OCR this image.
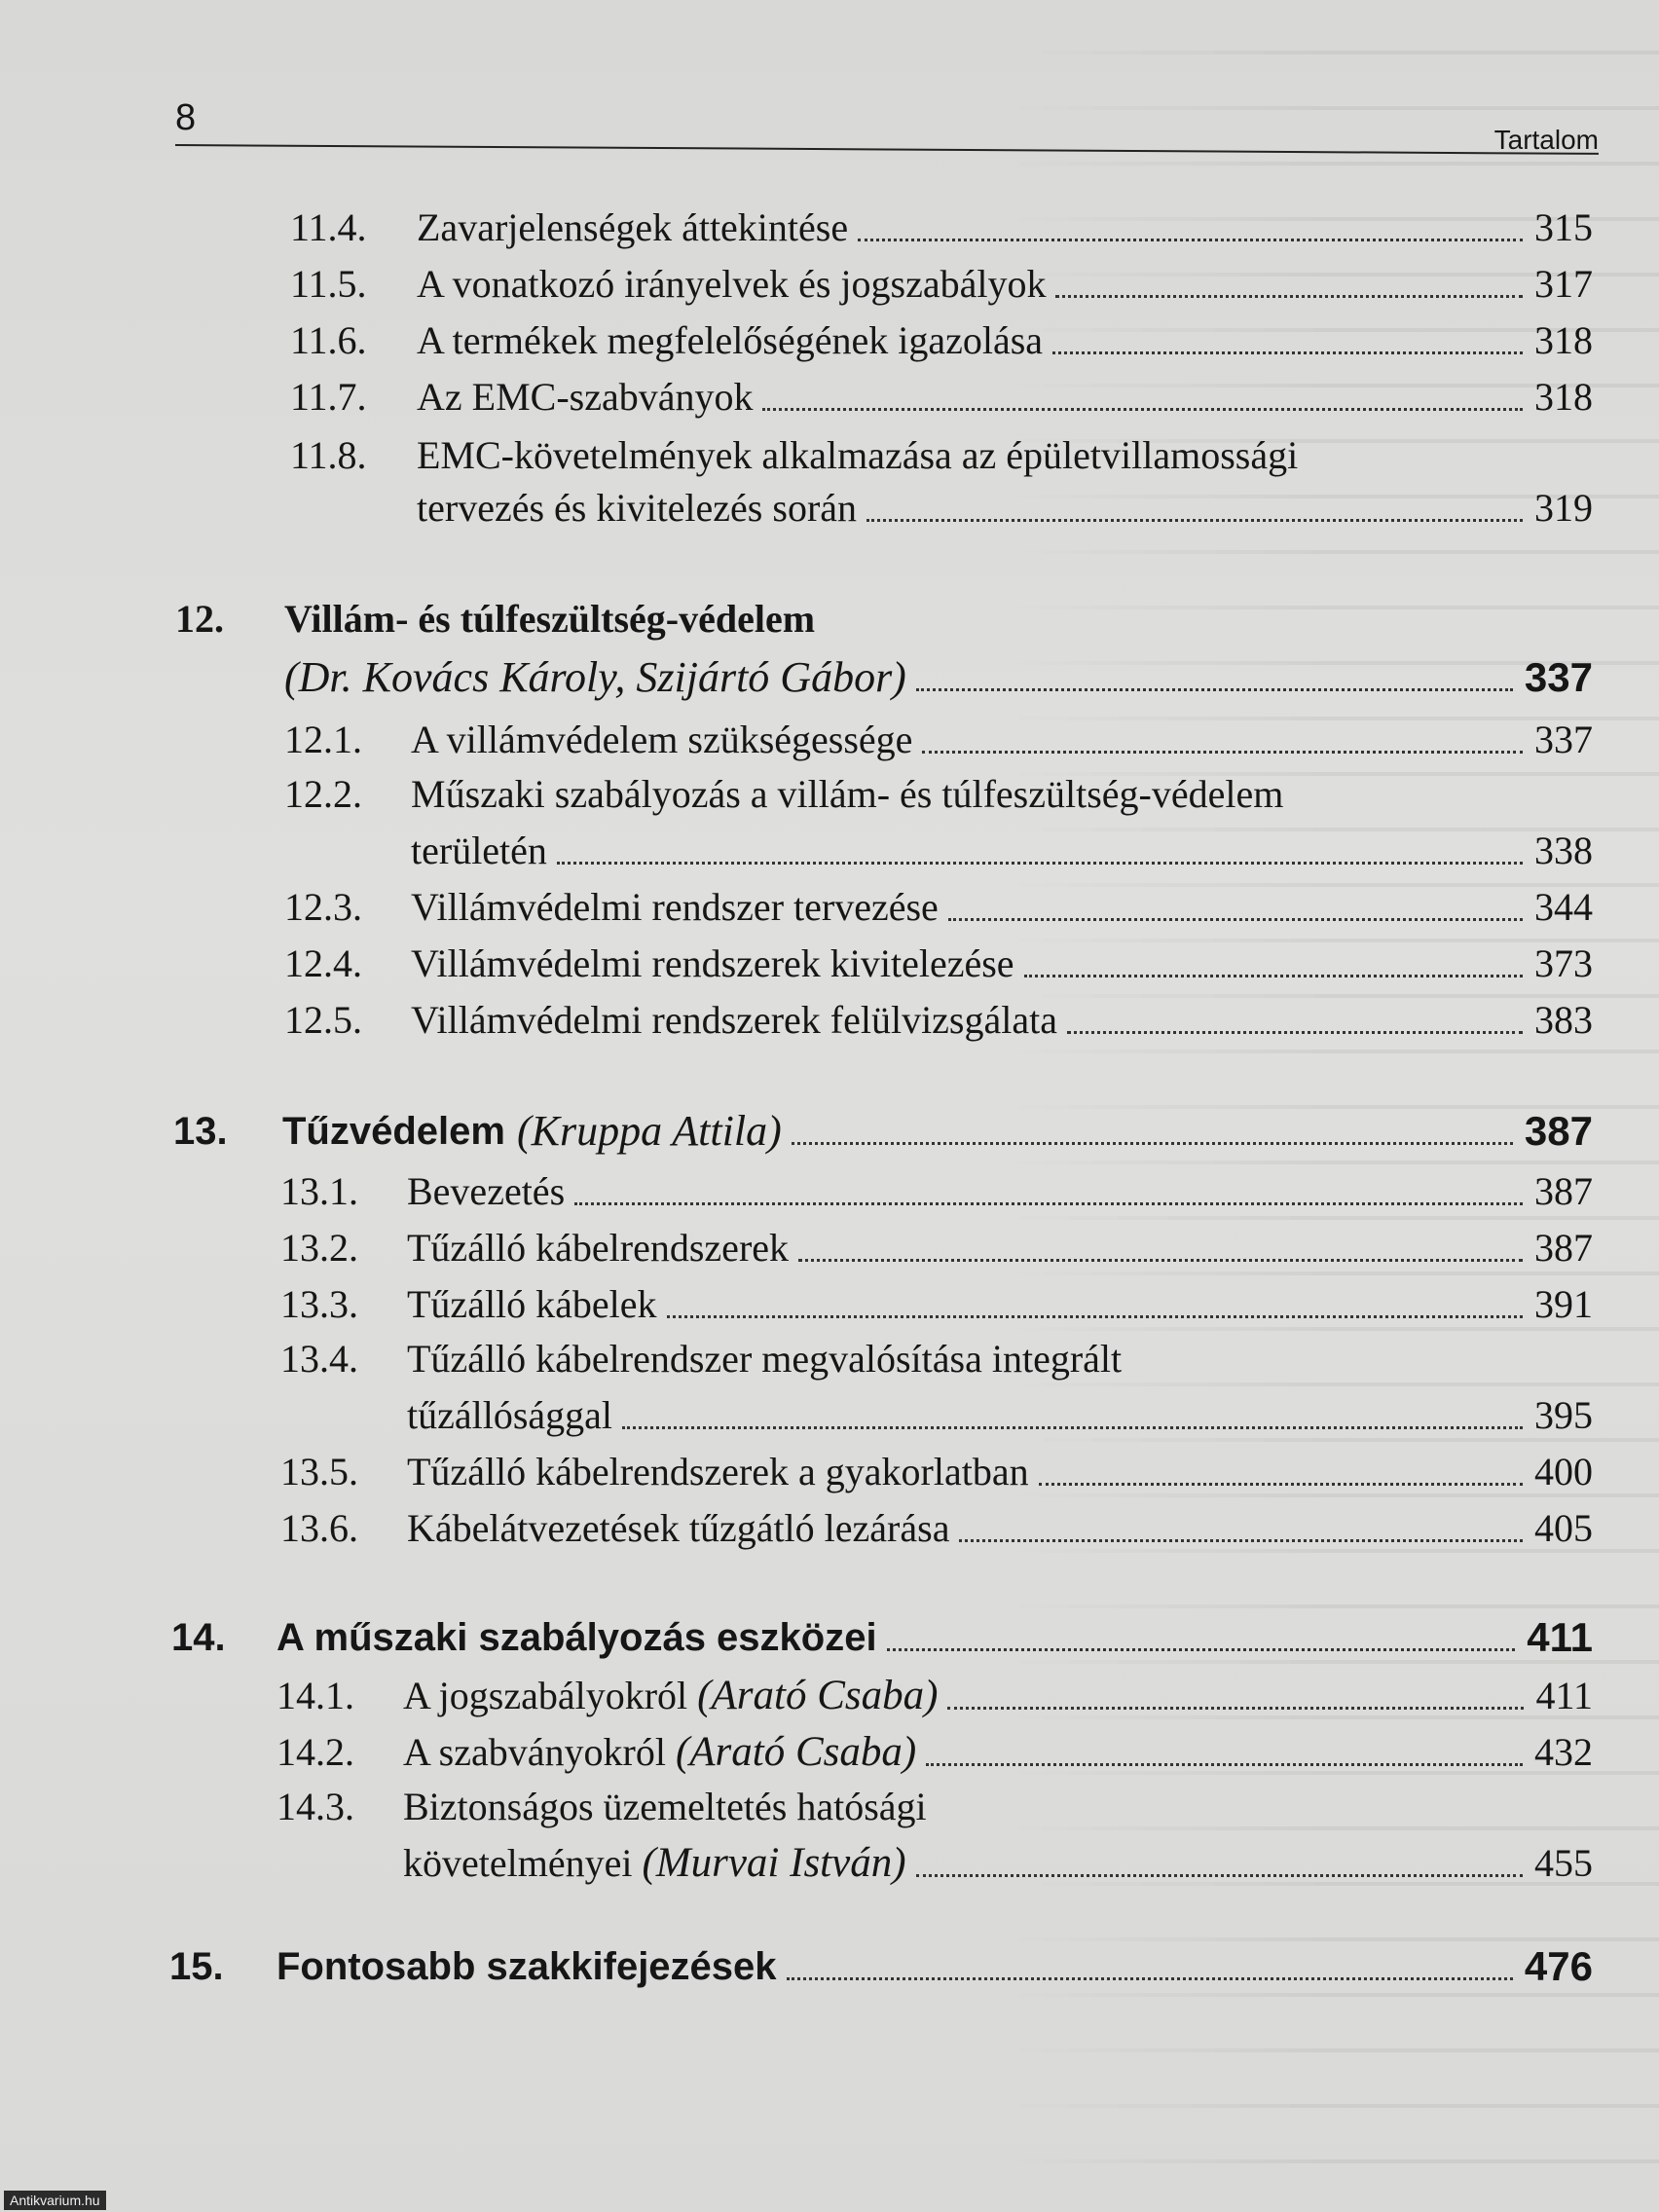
8
Tartalom
11.4.	Zavarjelenségek áttekintése	315
11.5.	A vonatkozó irányelvek és jogszabályok	317
11.6.	A termékek megfelelőségének igazolása	318
11.7.	Az EMC-szabványok	318
11.8. EMC-követelmények alkalmazása az épületvillamossági
tervezés és kivitelezés során	319
12. Villám- és túlfeszültség-védelem
(Dr. Kovács Károly, Szijártó Gábor)	337
12.1.	A villámvédelem szükségessége	337
12.2. Műszaki szabályozás a villám- és túlfeszültség-védelem
területén	338
12.3.	Villámvédelmi rendszer tervezése	344
12.4.	Villámvédelmi rendszerek kivitelezése	373
12.5.	Villámvédelmi rendszerek felülvizsgálata	383
13.	Tűzvédelem (Kruppa Attila)	387
13.1.	Bevezetés	387
13.2.	Tűzálló kábelrendszerek	387
13.3.	Tűzálló kábelek	391
13.4. Tűzálló kábelrendszer megvalósítása integrált
tűzállósággal	395
13.5.	Tűzálló kábelrendszerek a gyakorlatban	400
13.6.	Kábelátvezetések tűzgátló lezárása	405
14.	A műszaki szabályozás eszközei	411
14.1.	A jogszabályokról (Arató Csaba)	411
14.2.	A szabványokról (Arató Csaba)	432
14.3. Biztonságos üzemeltetés hatósági
követelményei (Murvai István)	455
15.	Fontosabb szakkifejezések	476
Antikvarium.hu
